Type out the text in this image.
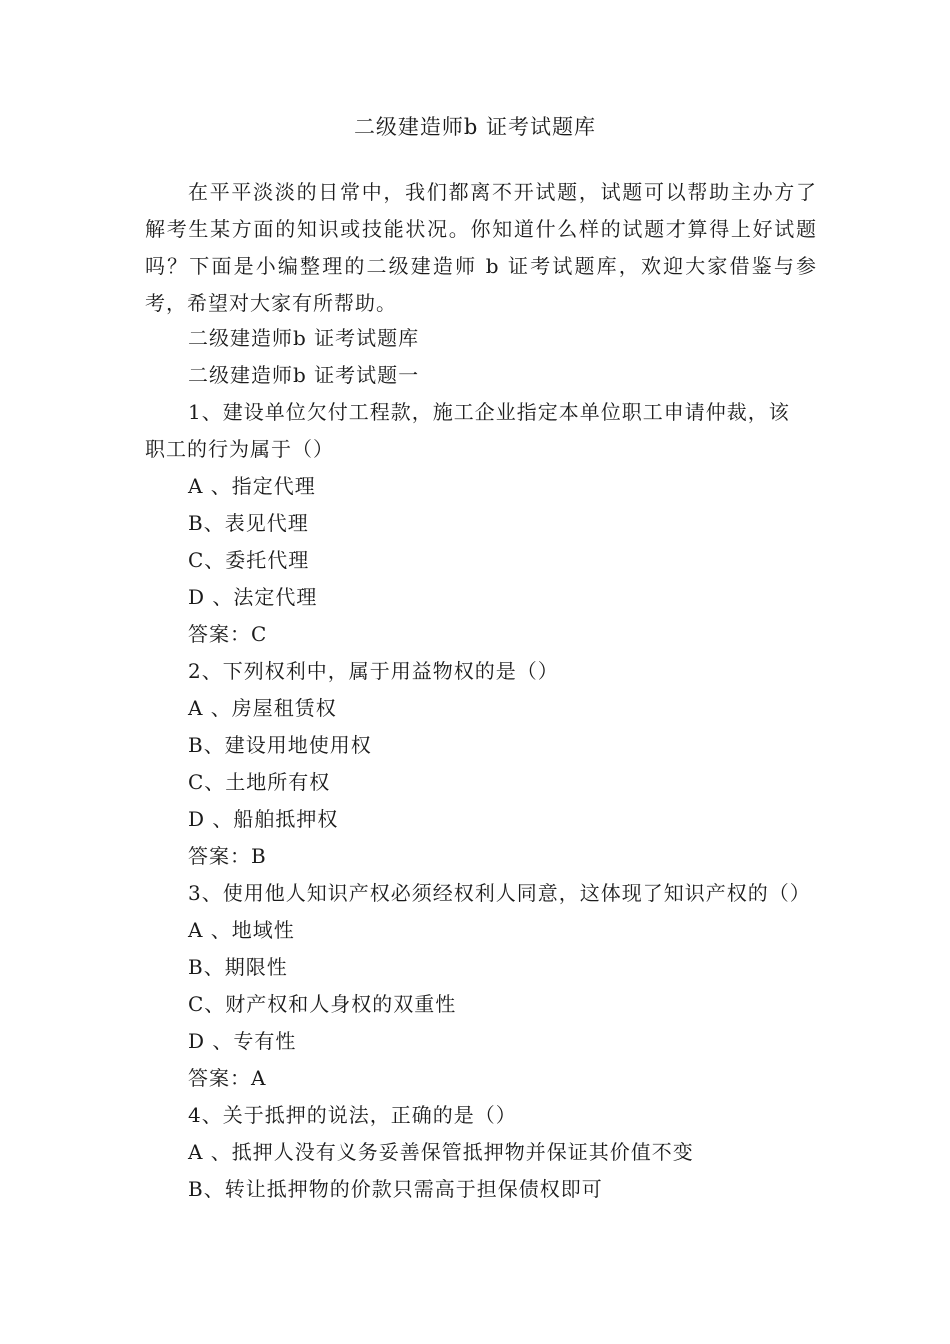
二级建造师b 证考试题库

在平平淡淡的日常中，我们都离不开试题，试题可以帮助主办方了解考生某方面的知识或技能状况。你知道什么样的试题才算得上好试题吗？下面是小编整理的二级建造师 b 证考试题库，欢迎大家借鉴与参考，希望对大家有所帮助。

二级建造师b 证考试题库

二级建造师b 证考试题一

1、建设单位欠付工程款，施工企业指定本单位职工申请仲裁，该

职工的行为属于（）

A 、指定代理

B、表见代理

C、委托代理

D 、法定代理

答案：C

2、下列权利中，属于用益物权的是（）

A 、房屋租赁权

B、建设用地使用权

C、土地所有权

D 、船舶抵押权

答案：B

3、使用他人知识产权必须经权利人同意，这体现了知识产权的（）

A 、地域性

B、期限性

C、财产权和人身权的双重性

D 、专有性

答案：A

4、关于抵押的说法，正确的是（）

A 、抵押人没有义务妥善保管抵押物并保证其价值不变

B、转让抵押物的价款只需高于担保债权即可
